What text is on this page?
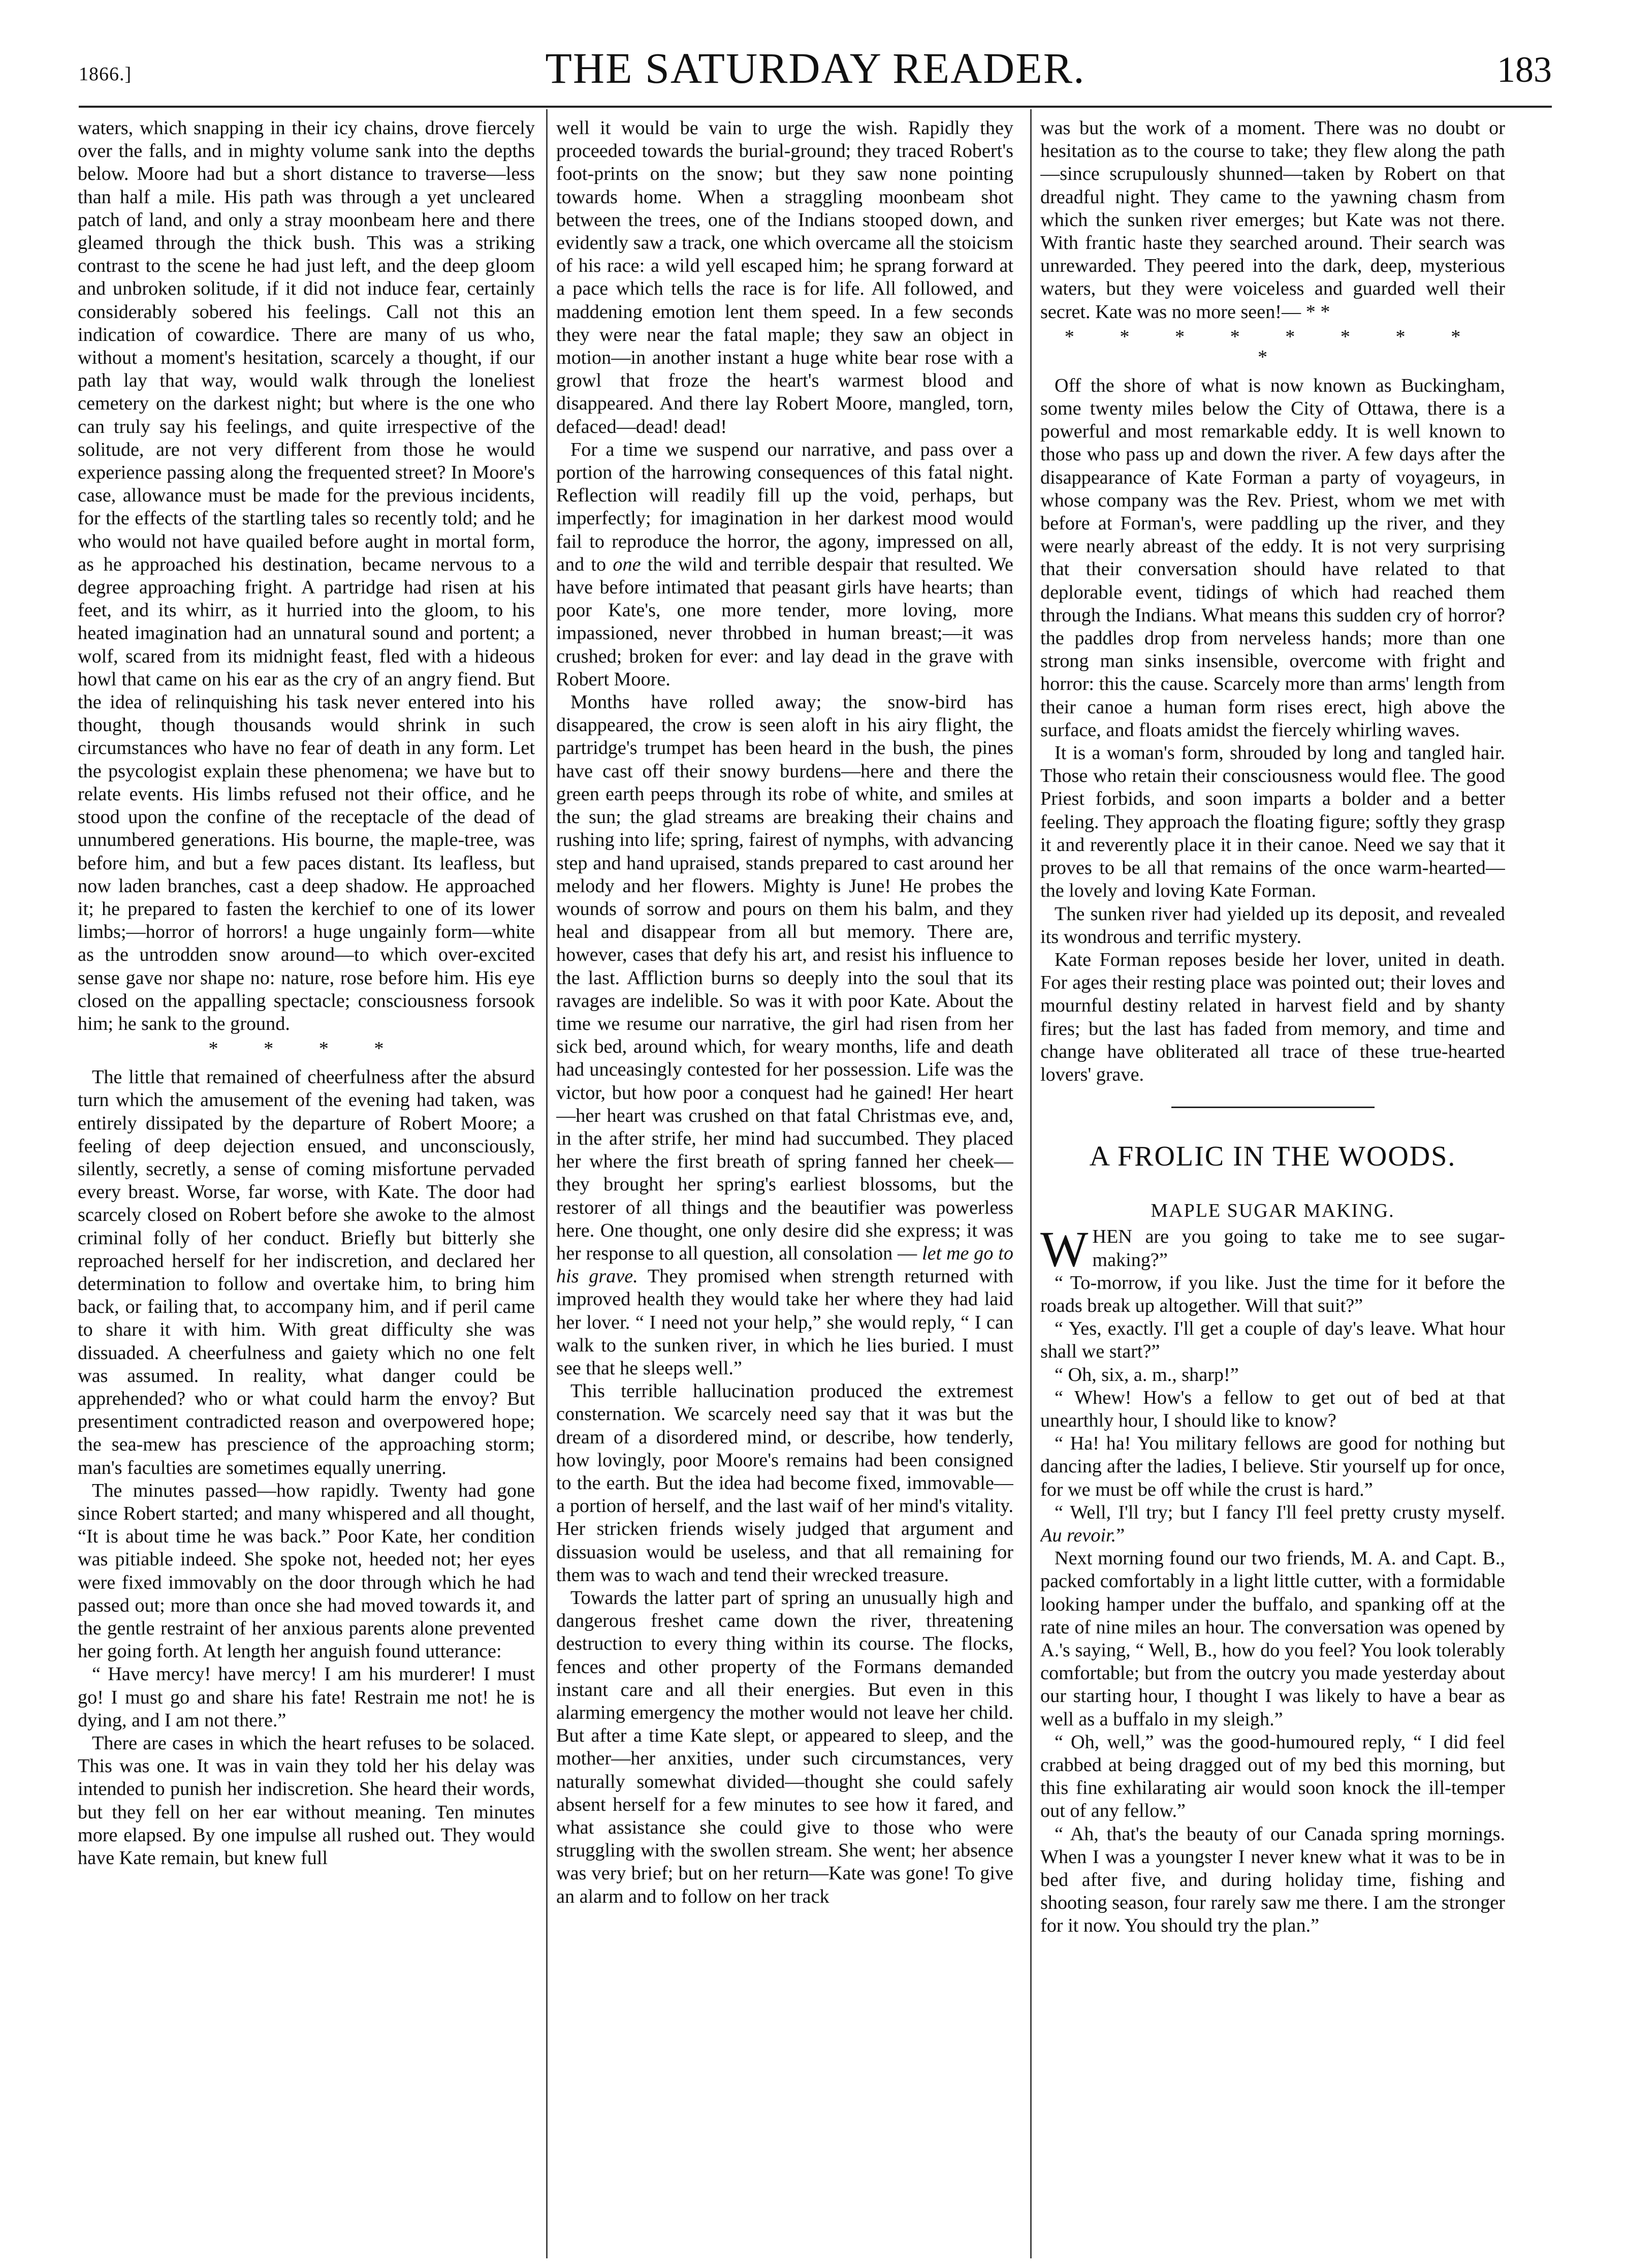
1866.]	THE SATURDAY READER.	183

waters, which snapping in their icy chains, drove fiercely over the falls, and in mighty volume sank into the depths below. Moore had but a short distance to traverse—less than half a mile. His path was through a yet uncleared patch of land, and only a stray moonbeam here and there gleamed through the thick bush. This was a striking contrast to the scene he had just left, and the deep gloom and unbroken solitude, if it did not induce fear, certainly considerably sobered his feelings. Call not this an indication of cowardice. There are many of us who, without a moment's hesitation, scarcely a thought, if our path lay that way, would walk through the loneliest cemetery on the darkest night; but where is the one who can truly say his feelings, and quite irrespective of the solitude, are not very different from those he would experience passing along the frequented street? In Moore's case, allowance must be made for the previous incidents, for the effects of the startling tales so recently told; and he who would not have quailed before aught in mortal form, as he approached his destination, became nervous to a degree approaching fright. A partridge had risen at his feet, and its whirr, as it hurried into the gloom, to his heated imagination had an unnatural sound and portent; a wolf, scared from its midnight feast, fled with a hideous howl that came on his ear as the cry of an angry fiend. But the idea of relinquishing his task never entered into his thought, though thousands would shrink in such circumstances who have no fear of death in any form. Let the psycologist explain these phenomena; we have but to relate events. His limbs refused not their office, and he stood upon the confine of the receptacle of the dead of unnumbered generations. His bourne, the maple-tree, was before him, and but a few paces distant. Its leafless, but now laden branches, cast a deep shadow. He approached it; he prepared to fasten the kerchief to one of its lower limbs;—horror of horrors! a huge ungainly form—white as the untrodden snow around—to which over-excited sense gave nor shape no: nature, rose before him. His eye closed on the appalling spectacle; consciousness forsook him; he sank to the ground.

* * * *

The little that remained of cheerfulness after the absurd turn which the amusement of the evening had taken, was entirely dissipated by the departure of Robert Moore; a feeling of deep dejection ensued, and unconsciously, silently, secretly, a sense of coming misfortune pervaded every breast. Worse, far worse, with Kate. The door had scarcely closed on Robert before she awoke to the almost criminal folly of her conduct. Briefly but bitterly she reproached herself for her indiscretion, and declared her determination to follow and overtake him, to bring him back, or failing that, to accompany him, and if peril came to share it with him. With great difficulty she was dissuaded. A cheerfulness and gaiety which no one felt was assumed. In reality, what danger could be apprehended? who or what could harm the envoy? But presentiment contradicted reason and overpowered hope; the sea-mew has prescience of the approaching storm; man's faculties are sometimes equally unerring.

The minutes passed—how rapidly. Twenty had gone since Robert started; and many whispered and all thought, “It is about time he was back.” Poor Kate, her condition was pitiable indeed. She spoke not, heeded not; her eyes were fixed immovably on the door through which he had passed out; more than once she had moved towards it, and the gentle restraint of her anxious parents alone prevented her going forth. At length her anguish found utterance:

“ Have mercy! have mercy! I am his murderer! I must go! I must go and share his fate! Restrain me not! he is dying, and I am not there.”

There are cases in which the heart refuses to be solaced. This was one. It was in vain they told her his delay was intended to punish her indiscretion. She heard their words, but they fell on her ear without meaning. Ten minutes more elapsed. By one impulse all rushed out. They would have Kate remain, but knew full

well it would be vain to urge the wish. Rapidly they proceeded towards the burial-ground; they traced Robert's foot-prints on the snow; but they saw none pointing towards home. When a straggling moonbeam shot between the trees, one of the Indians stooped down, and evidently saw a track, one which overcame all the stoicism of his race: a wild yell escaped him; he sprang forward at a pace which tells the race is for life. All followed, and maddening emotion lent them speed. In a few seconds they were near the fatal maple; they saw an object in motion—in another instant a huge white bear rose with a growl that froze the heart's warmest blood and disappeared. And there lay Robert Moore, mangled, torn, defaced—dead! dead!

For a time we suspend our narrative, and pass over a portion of the harrowing consequences of this fatal night. Reflection will readily fill up the void, perhaps, but imperfectly; for imagination in her darkest mood would fail to reproduce the horror, the agony, impressed on all, and to one the wild and terrible despair that resulted. We have before intimated that peasant girls have hearts; than poor Kate's, one more tender, more loving, more impassioned, never throbbed in human breast;—it was crushed; broken for ever: and lay dead in the grave with Robert Moore.

Months have rolled away; the snow-bird has disappeared, the crow is seen aloft in his airy flight, the partridge's trumpet has been heard in the bush, the pines have cast off their snowy burdens—here and there the green earth peeps through its robe of white, and smiles at the sun; the glad streams are breaking their chains and rushing into life; spring, fairest of nymphs, with advancing step and hand upraised, stands prepared to cast around her melody and her flowers. Mighty is June! He probes the wounds of sorrow and pours on them his balm, and they heal and disappear from all but memory. There are, however, cases that defy his art, and resist his influence to the last. Affliction burns so deeply into the soul that its ravages are indelible. So was it with poor Kate. About the time we resume our narrative, the girl had risen from her sick bed, around which, for weary months, life and death had unceasingly contested for her possession. Life was the victor, but how poor a conquest had he gained! Her heart—her heart was crushed on that fatal Christmas eve, and, in the after strife, her mind had succumbed. They placed her where the first breath of spring fanned her cheek—they brought her spring's earliest blossoms, but the restorer of all things and the beautifier was powerless here. One thought, one only desire did she express; it was her response to all question, all consolation — let me go to his grave. They promised when strength returned with improved health they would take her where they had laid her lover. “ I need not your help,” she would reply, “ I can walk to the sunken river, in which he lies buried. I must see that he sleeps well.”

This terrible hallucination produced the extremest consternation. We scarcely need say that it was but the dream of a disordered mind, or describe, how tenderly, how lovingly, poor Moore's remains had been consigned to the earth. But the idea had become fixed, immovable—a portion of herself, and the last waif of her mind's vitality. Her stricken friends wisely judged that argument and dissuasion would be useless, and that all remaining for them was to wach and tend their wrecked treasure.

Towards the latter part of spring an unusually high and dangerous freshet came down the river, threatening destruction to every thing within its course. The flocks, fences and other property of the Formans demanded instant care and all their energies. But even in this alarming emergency the mother would not leave her child. But after a time Kate slept, or appeared to sleep, and the mother—her anxities, under such circumstances, very naturally somewhat divided—thought she could safely absent herself for a few minutes to see how it fared, and what assistance she could give to those who were struggling with the swollen stream. She went; her absence was very brief; but on her return—Kate was gone! To give an alarm and to follow on her track

was but the work of a moment. There was no doubt or hesitation as to the course to take; they flew along the path—since scrupulously shunned—taken by Robert on that dreadful night. They came to the yawning chasm from which the sunken river emerges; but Kate was not there. With frantic haste they searched around. Their search was unrewarded. They peered into the dark, deep, mysterious waters, but they were voiceless and guarded well their secret. Kate was no more seen!— * *

* * * * * * * * *

Off the shore of what is now known as Buckingham, some twenty miles below the City of Ottawa, there is a powerful and most remarkable eddy. It is well known to those who pass up and down the river. A few days after the disappearance of Kate Forman a party of voyageurs, in whose company was the Rev. Priest, whom we met with before at Forman's, were paddling up the river, and they were nearly abreast of the eddy. It is not very surprising that their conversation should have related to that deplorable event, tidings of which had reached them through the Indians. What means this sudden cry of horror? the paddles drop from nerveless hands; more than one strong man sinks insensible, overcome with fright and horror: this the cause. Scarcely more than arms' length from their canoe a human form rises erect, high above the surface, and floats amidst the fiercely whirling waves.

It is a woman's form, shrouded by long and tangled hair. Those who retain their consciousness would flee. The good Priest forbids, and soon imparts a bolder and a better feeling. They approach the floating figure; softly they grasp it and reverently place it in their canoe. Need we say that it proves to be all that remains of the once warm-hearted—the lovely and loving Kate Forman.

The sunken river had yielded up its deposit, and revealed its wondrous and terrific mystery.

Kate Forman reposes beside her lover, united in death. For ages their resting place was pointed out; their loves and mournful destiny related in harvest field and by shanty fires; but the last has faded from memory, and time and change have obliterated all trace of these true-hearted lovers' grave.

A FROLIC IN THE WOODS.
MAPLE SUGAR MAKING.

WHEN are you going to take me to see sugar-making?”

“ To-morrow, if you like. Just the time for it before the roads break up altogether. Will that suit?”

“ Yes, exactly. I'll get a couple of day's leave. What hour shall we start?”

“ Oh, six, a. m., sharp!”

“ Whew! How's a fellow to get out of bed at that unearthly hour, I should like to know?

“ Ha! ha! You military fellows are good for nothing but dancing after the ladies, I believe. Stir yourself up for once, for we must be off while the crust is hard.”

“ Well, I'll try; but I fancy I'll feel pretty crusty myself. Au revoir.”

Next morning found our two friends, M. A. and Capt. B., packed comfortably in a light little cutter, with a formidable looking hamper under the buffalo, and spanking off at the rate of nine miles an hour. The conversation was opened by A.'s saying, “ Well, B., how do you feel? You look tolerably comfortable; but from the outcry you made yesterday about our starting hour, I thought I was likely to have a bear as well as a buffalo in my sleigh.”

“ Oh, well,” was the good-humoured reply, “ I did feel crabbed at being dragged out of my bed this morning, but this fine exhilarating air would soon knock the ill-temper out of any fellow.”

“ Ah, that's the beauty of our Canada spring mornings. When I was a youngster I never knew what it was to be in bed after five, and during holiday time, fishing and shooting season, four rarely saw me there. I am the stronger for it now. You should try the plan.”
